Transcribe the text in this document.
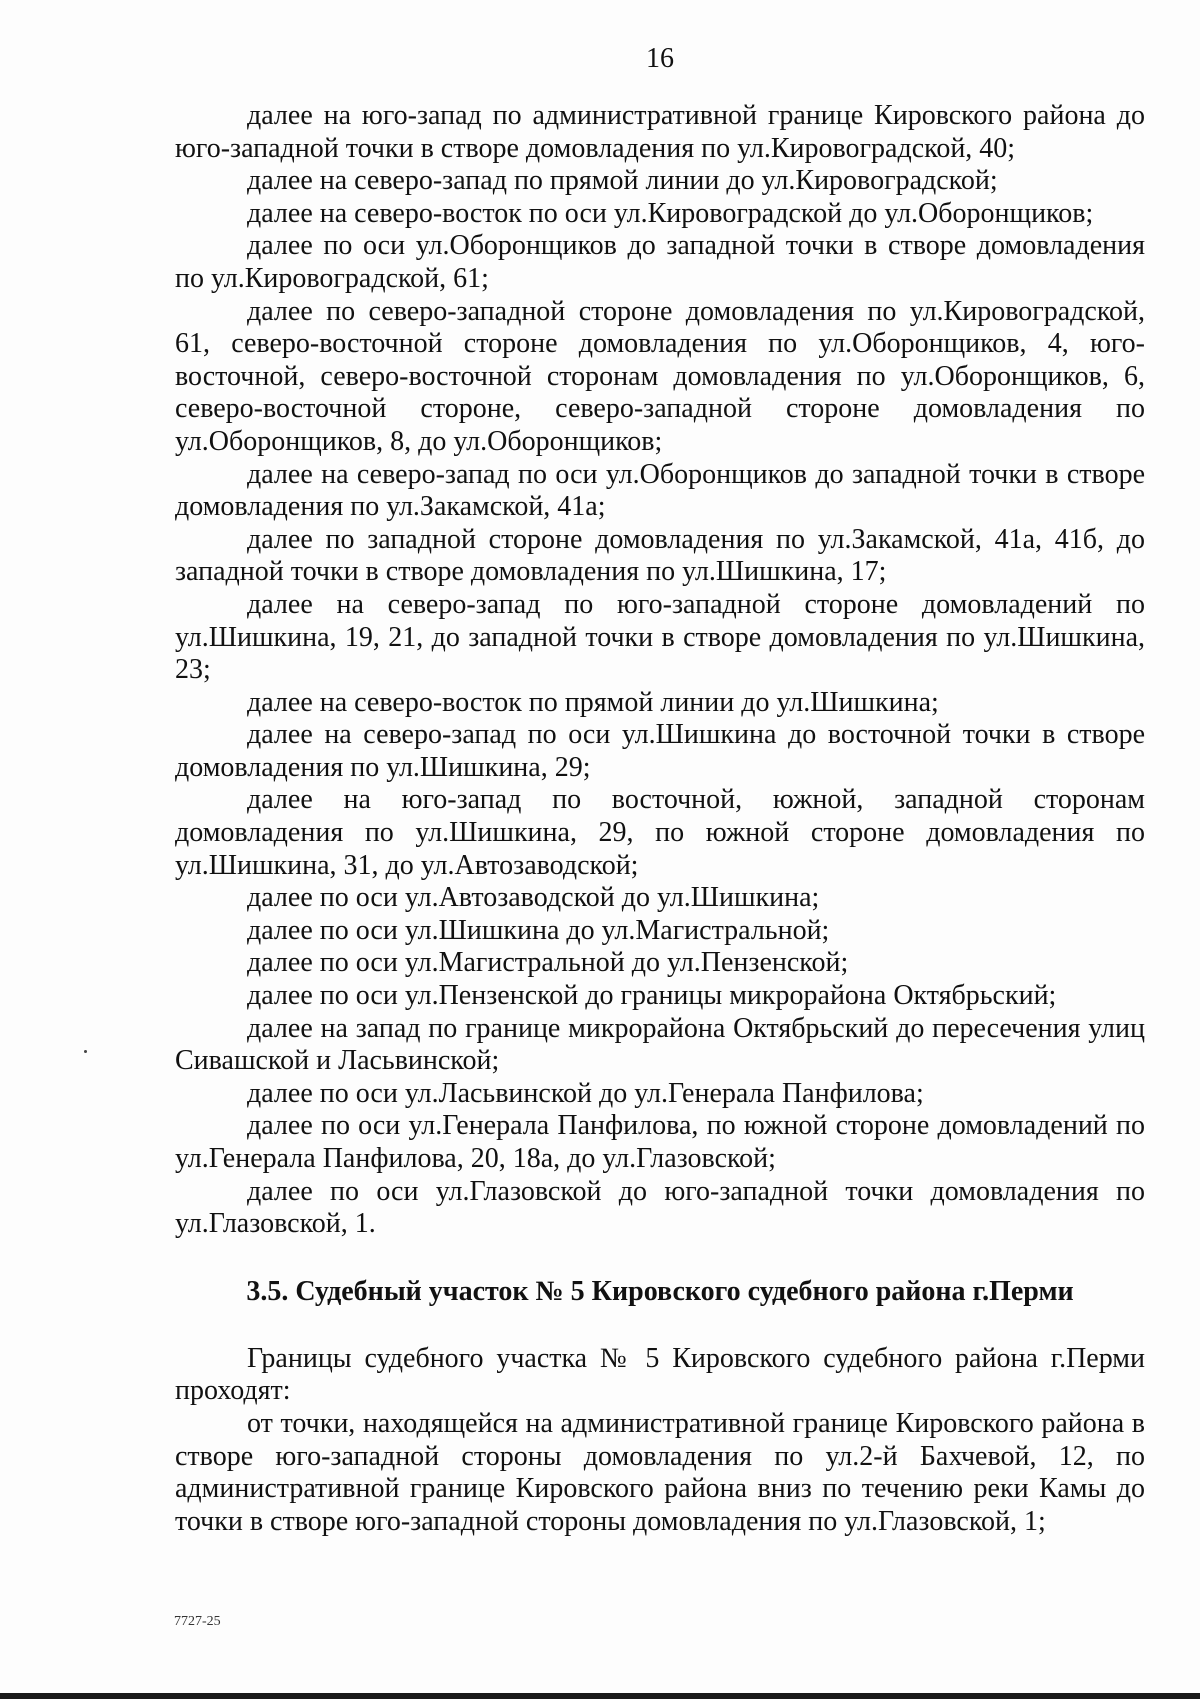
16

далее на юго-запад по административной границе Кировского района до юго-западной точки в створе домовладения по ул.Кировоградской, 40;

далее на северо-запад по прямой линии до ул.Кировоградской;

далее на северо-восток по оси ул.Кировоградской до ул.Оборонщиков;

далее по оси ул.Оборонщиков до западной точки в створе домовладения по ул.Кировоградской, 61;

далее по северо-западной стороне домовладения по ул.Кировоградской, 61, северо-восточной стороне домовладения по ул.Оборонщиков, 4, юго-восточной, северо-восточной сторонам домовладения по ул.Оборонщиков, 6, северо-восточной стороне, северо-западной стороне домовладения по ул.Оборонщиков, 8, до ул.Оборонщиков;

далее на северо-запад по оси ул.Оборонщиков до западной точки в створе домовладения по ул.Закамской, 41а;

далее по западной стороне домовладения по ул.Закамской, 41а, 41б, до западной точки в створе домовладения по ул.Шишкина, 17;

далее на северо-запад по юго-западной стороне домовладений по ул.Шишкина, 19, 21, до западной точки в створе домовладения по ул.Шишкина, 23;

далее на северо-восток по прямой линии до ул.Шишкина;

далее на северо-запад по оси ул.Шишкина до восточной точки в створе домовладения по ул.Шишкина, 29;

далее на юго-запад по восточной, южной, западной сторонам домовладения по ул.Шишкина, 29, по южной стороне домовладения по ул.Шишкина, 31, до ул.Автозаводской;

далее по оси ул.Автозаводской до ул.Шишкина;

далее по оси ул.Шишкина до ул.Магистральной;

далее по оси ул.Магистральной до ул.Пензенской;

далее по оси ул.Пензенской до границы микрорайона Октябрьский;

далее на запад по границе микрорайона Октябрьский до пересечения улиц Сивашской и Ласьвинской;

далее по оси ул.Ласьвинской до ул.Генерала Панфилова;

далее по оси ул.Генерала Панфилова, по южной стороне домовладений по ул.Генерала Панфилова, 20, 18а, до ул.Глазовской;

далее по оси ул.Глазовской до юго-западной точки домовладения по ул.Глазовской, 1.

3.5. Судебный участок № 5 Кировского судебного района г.Перми

Границы судебного участка № 5 Кировского судебного района г.Перми проходят:

от точки, находящейся на административной границе Кировского района в створе юго-западной стороны домовладения по ул.2-й Бахчевой, 12, по административной границе Кировского района вниз по течению реки Камы до точки в створе юго-западной стороны домовладения по ул.Глазовской, 1;

7727-25
